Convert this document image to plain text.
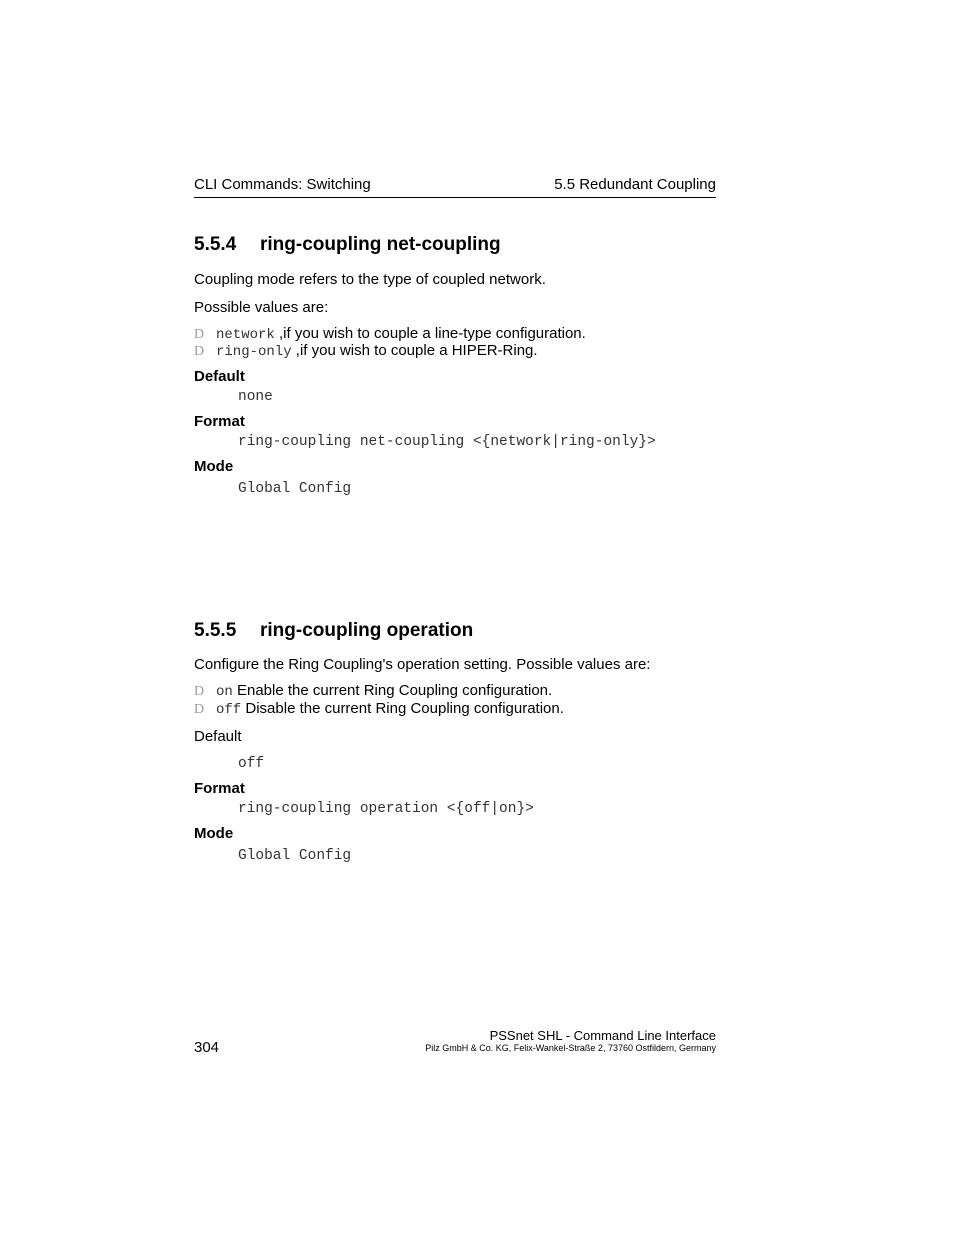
CLI Commands: Switching	5.5 Redundant Coupling
5.5.4 ring-coupling net-coupling

Coupling mode refers to the type of coupled network.

Possible values are:

D network ,if you wish to couple a line-type configuration.
D ring-only ,if you wish to couple a HIPER-Ring.
Default
none
Format
ring-coupling net-coupling <{network|ring-only}>
Mode
Global Config
5.5.5 ring-coupling operation

Configure the Ring Coupling's operation setting. Possible values are:

D on Enable the current Ring Coupling configuration.
D off Disable the current Ring Coupling configuration.
Default
off
Format
ring-coupling operation <{off|on}>
Mode
Global Config
PSSnet SHL - Command Line Interface
Pilz GmbH & Co. KG, Felix-Wankel-Straße 2, 73760 Ostfildern, Germany
304
